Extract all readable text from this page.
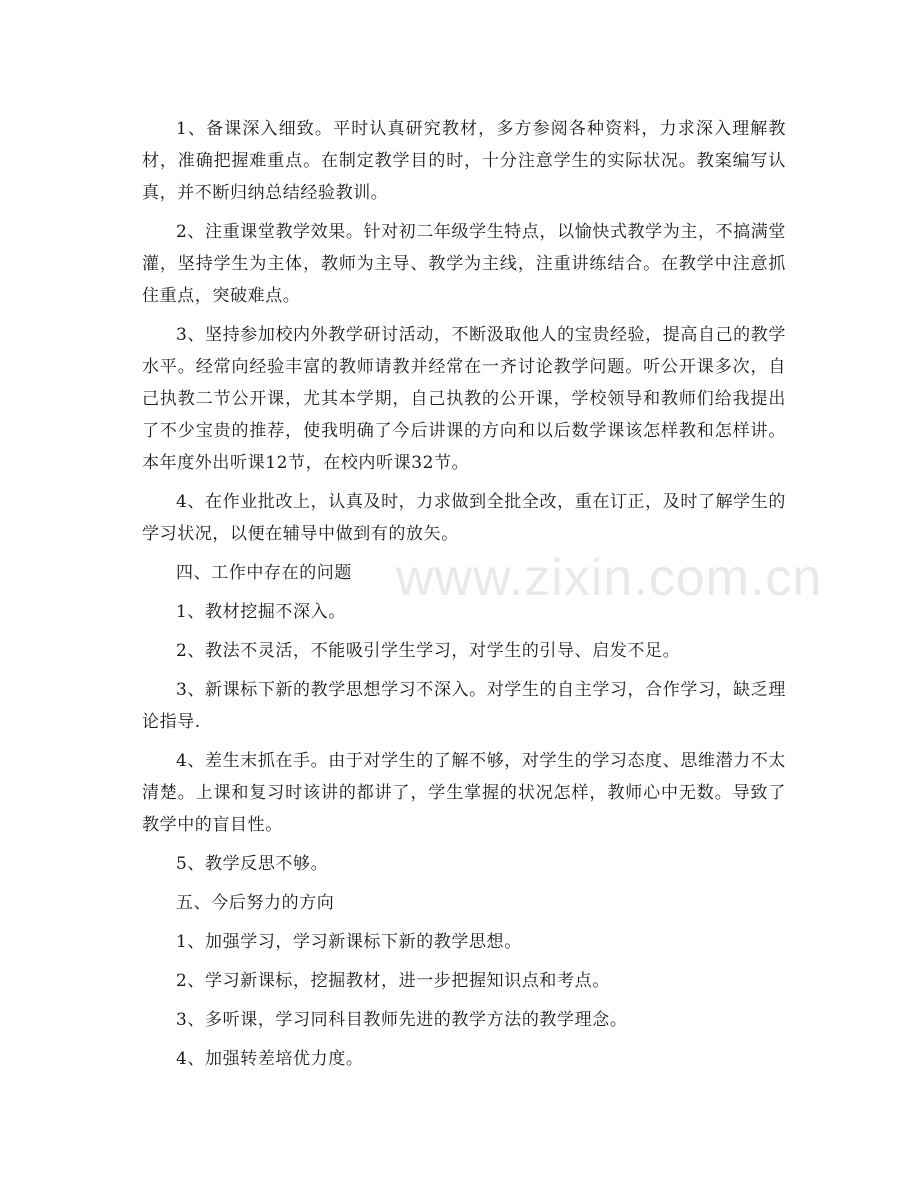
www.zixin.com.cn

1、备课深入细致。平时认真研究教材，多方参阅各种资料，力求深入理解教材，准确把握难重点。在制定教学目的时，十分注意学生的实际状况。教案编写认真，并不断归纳总结经验教训。

2、注重课堂教学效果。针对初二年级学生特点，以愉快式教学为主，不搞满堂灌，坚持学生为主体，教师为主导、教学为主线，注重讲练结合。在教学中注意抓住重点，突破难点。

3、坚持参加校内外教学研讨活动，不断汲取他人的宝贵经验，提高自己的教学水平。经常向经验丰富的教师请教并经常在一齐讨论教学问题。听公开课多次，自己执教二节公开课，尤其本学期，自己执教的公开课，学校领导和教师们给我提出了不少宝贵的推荐，使我明确了今后讲课的方向和以后数学课该怎样教和怎样讲。本年度外出听课12节，在校内听课32节。

4、在作业批改上，认真及时，力求做到全批全改，重在订正，及时了解学生的学习状况，以便在辅导中做到有的放矢。

四、工作中存在的问题

1、教材挖掘不深入。

2、教法不灵活，不能吸引学生学习，对学生的引导、启发不足。

3、新课标下新的教学思想学习不深入。对学生的自主学习，合作学习，缺乏理论指导.

4、差生末抓在手。由于对学生的了解不够，对学生的学习态度、思维潜力不太清楚。上课和复习时该讲的都讲了，学生掌握的状况怎样，教师心中无数。导致了教学中的盲目性。

5、教学反思不够。

五、今后努力的方向

1、加强学习，学习新课标下新的教学思想。

2、学习新课标，挖掘教材，进一步把握知识点和考点。

3、多听课，学习同科目教师先进的教学方法的教学理念。

4、加强转差培优力度。
